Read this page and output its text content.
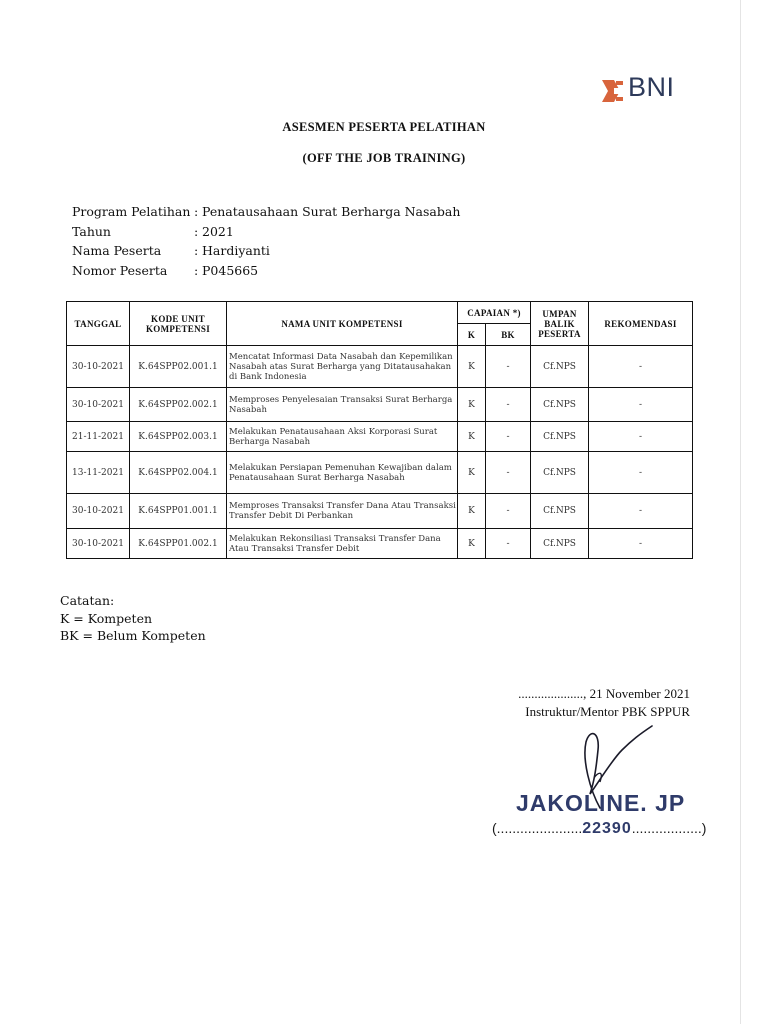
BNI
ASESMEN PESERTA PELATIHAN
(OFF THE JOB TRAINING)
Program Pelatihan : Penatausahaan Surat Berharga Nasabah
Tahun	: 2021
Nama Peserta	: Hardiyanti
Nomor Peserta	: P045665
TANGGAL	KODE UNIT KOMPETENSI	NAMA UNIT KOMPETENSI	CAPAIAN *)		UMPAN BALIK PESERTA	REKOMENDASI
			K	BK		
30-10-2021	K.64SPP02.001.1	Mencatat Informasi Data Nasabah dan Kepemilikan Nasabah atas Surat Berharga yang Ditatausahakan di Bank Indonesia	K	-	Cf.NPS	-
30-10-2021	K.64SPP02.002.1	Memproses Penyelesaian Transaksi Surat Berharga Nasabah	K	-	Cf.NPS	-
21-11-2021	K.64SPP02.003.1	Melakukan Penatausahaan Aksi Korporasi Surat Berharga Nasabah	K	-	Cf.NPS	-
13-11-2021	K.64SPP02.004.1	Melakukan Persiapan Pemenuhan Kewajiban dalam Penatausahaan Surat Berharga Nasabah	K	-	Cf.NPS	-
30-10-2021	K.64SPP01.001.1	Memproses Transaksi Transfer Dana Atau Transaksi Transfer Debit Di Perbankan	K	-	Cf.NPS	-
30-10-2021	K.64SPP01.002.1	Melakukan Rekonsiliasi Transaksi Transfer Dana Atau Transaksi Transfer Debit	K	-	Cf.NPS	-
Catatan:
K = Kompeten
BK = Belum Kompeten
...................., 21 November 2021
Instruktur/Mentor PBK SPPUR
JAKOLINE. JP
(......................22390..................)
